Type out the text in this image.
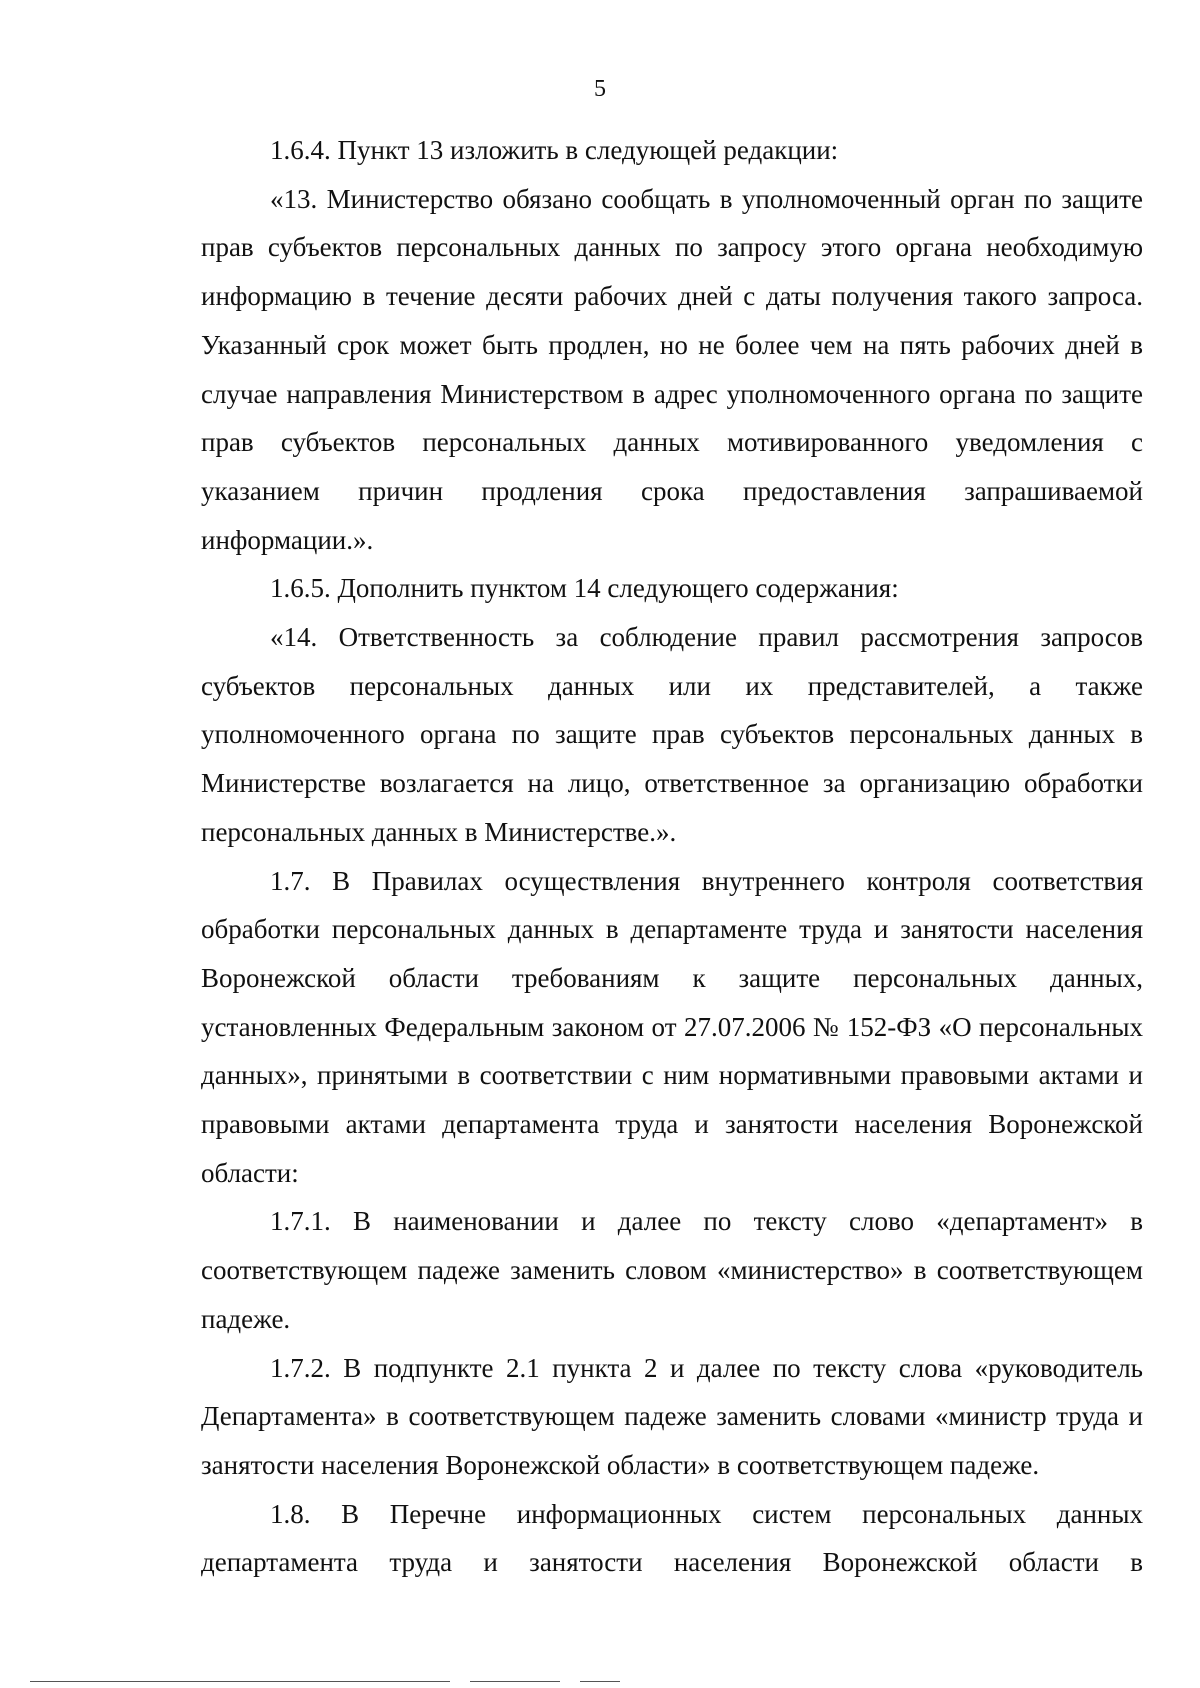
5

1.6.4. Пункт 13 изложить в следующей редакции:

«13. Министерство обязано сообщать в уполномоченный орган по защите прав субъектов персональных данных по запросу этого органа необходимую информацию в течение десяти рабочих дней с даты получения такого запроса. Указанный срок может быть продлен, но не более чем на пять рабочих дней в случае направления Министерством в адрес уполномоченного органа по защите прав субъектов персональных данных мотивированного уведомления с указанием причин продления срока предоставления запрашиваемой информации.».

1.6.5. Дополнить пунктом 14 следующего содержания:

«14. Ответственность за соблюдение правил рассмотрения запросов субъектов персональных данных или их представителей, а также уполномоченного органа по защите прав субъектов персональных данных в Министерстве возлагается на лицо, ответственное за организацию обработки персональных данных в Министерстве.».

1.7. В Правилах осуществления внутреннего контроля соответствия обработки персональных данных в департаменте труда и занятости населения Воронежской области требованиям к защите персональных данных, установленных Федеральным законом от 27.07.2006 № 152-ФЗ «О персональных данных», принятыми в соответствии с ним нормативными правовыми актами и правовыми актами департамента труда и занятости населения Воронежской области:

1.7.1. В наименовании и далее по тексту слово «департамент» в соответствующем падеже заменить словом «министерство» в соответствующем падеже.

1.7.2. В подпункте 2.1 пункта 2 и далее по тексту слова «руководитель Департамента» в соответствующем падеже заменить словами «министр труда и занятости населения Воронежской области» в соответствующем падеже.

1.8. В Перечне информационных систем персональных данных департамента труда и занятости населения Воронежской области в
